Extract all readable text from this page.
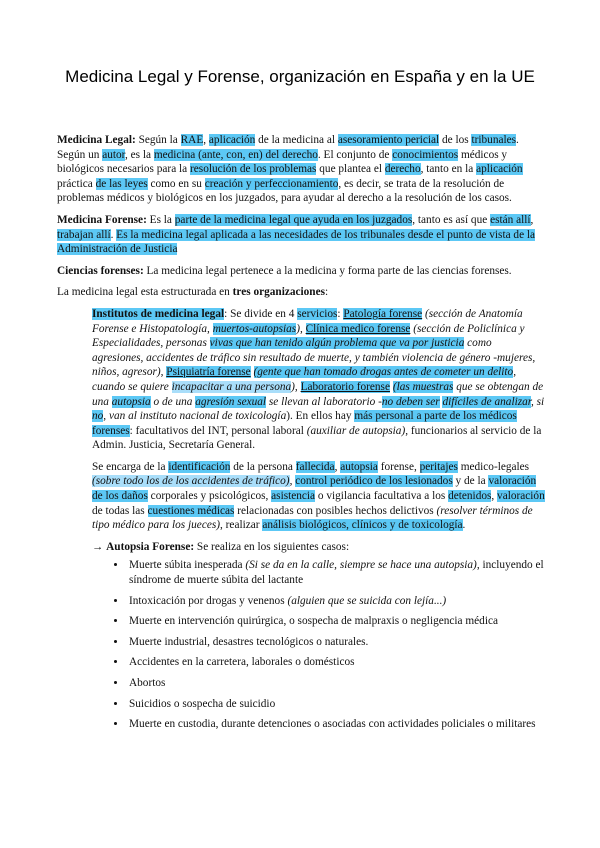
Medicina Legal y Forense, organización en España y en la UE

Medicina Legal: Según la RAE, aplicación de la medicina al asesoramiento pericial de los tribunales. Según un autor, es la medicina (ante, con, en) del derecho. El conjunto de conocimientos médicos y biológicos necesarios para la resolución de los problemas que plantea el derecho, tanto en la aplicación práctica de las leyes como en su creación y perfeccionamiento, es decir, se trata de la resolución de problemas médicos y biológicos en los juzgados, para ayudar al derecho a la resolución de los casos.

Medicina Forense: Es la parte de la medicina legal que ayuda en los juzgados, tanto es así que están allí, trabajan allí. Es la medicina legal aplicada a las necesidades de los tribunales desde el punto de vista de la Administración de Justicia

Ciencias forenses: La medicina legal pertenece a la medicina y forma parte de las ciencias forenses.

La medicina legal esta estructurada en tres organizaciones:

Institutos de medicina legal: Se divide en 4 servicios: Patología forense (sección de Anatomía Forense e Histopatología, muertos-autopsias), Clínica medico forense (sección de Policlínica y Especialidades, personas vivas que han tenido algún problema que va por justicia como agresiones, accidentes de tráfico sin resultado de muerte, y también violencia de género -mujeres, niños, agresor), Psiquiatría forense (gente que han tomado drogas antes de cometer un delito, cuando se quiere incapacitar a una persona), Laboratorio forense (las muestras que se obtengan de una autopsia o de una agresión sexual se llevan al laboratorio -no deben ser difíciles de analizar, si no, van al instituto nacional de toxicología). En ellos hay más personal a parte de los médicos forenses: facultativos del INT, personal laboral (auxiliar de autopsia), funcionarios al servicio de la Admin. Justicia, Secretaría General.

Se encarga de la identificación de la persona fallecida, autopsia forense, peritajes medico-legales (sobre todo los de los accidentes de tráfico), control periódico de los lesionados y de la valoración de los daños corporales y psicológicos, asistencia o vigilancia facultativa a los detenidos, valoración de todas las cuestiones médicas relacionadas con posibles hechos delictivos (resolver términos de tipo médico para los jueces), realizar análisis biológicos, clínicos y de toxicología.

→ Autopsia Forense: Se realiza en los siguientes casos:

• Muerte súbita inesperada (Si se da en la calle, siempre se hace una autopsia), incluyendo el síndrome de muerte súbita del lactante
• Intoxicación por drogas y venenos (alguien que se suicida con lejía...)
• Muerte en intervención quirúrgica, o sospecha de malpraxis o negligencia médica
• Muerte industrial, desastres tecnológicos o naturales.
• Accidentes en la carretera, laborales o domésticos
• Abortos
• Suicidios o sospecha de suicidio
• Muerte en custodia, durante detenciones o asociadas con actividades policiales o militares
